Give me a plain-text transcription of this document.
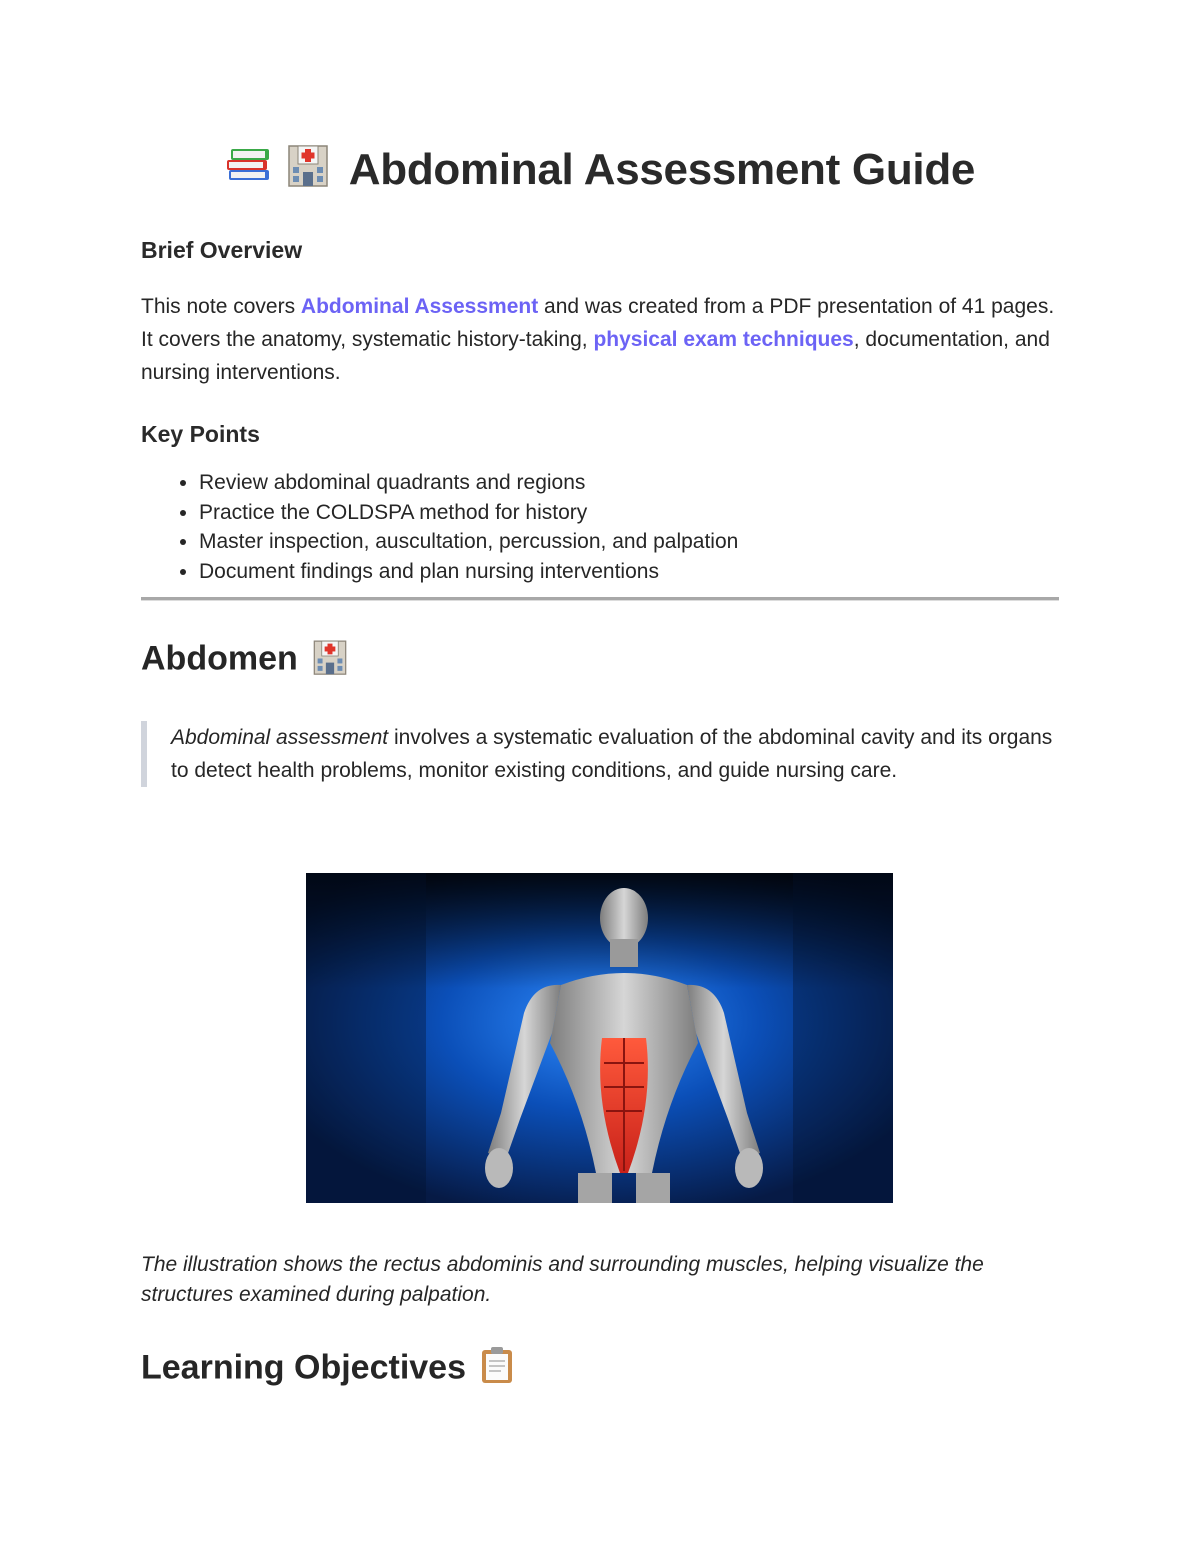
Abdominal Assessment Guide
Brief Overview

This note covers Abdominal Assessment and was created from a PDF presentation of 41 pages. It covers the anatomy, systematic history-taking, physical exam techniques, documentation, and nursing interventions.

Key Points
• Review abdominal quadrants and regions
• Practice the COLDSPA method for history
• Master inspection, auscultation, percussion, and palpation
• Document findings and plan nursing interventions
Abdomen
Abdominal assessment involves a systematic evaluation of the abdominal cavity and its organs to detect health problems, monitor existing conditions, and guide nursing care.

The illustration shows the rectus abdominis and surrounding muscles, helping visualize the structures examined during palpation.

Learning Objectives
